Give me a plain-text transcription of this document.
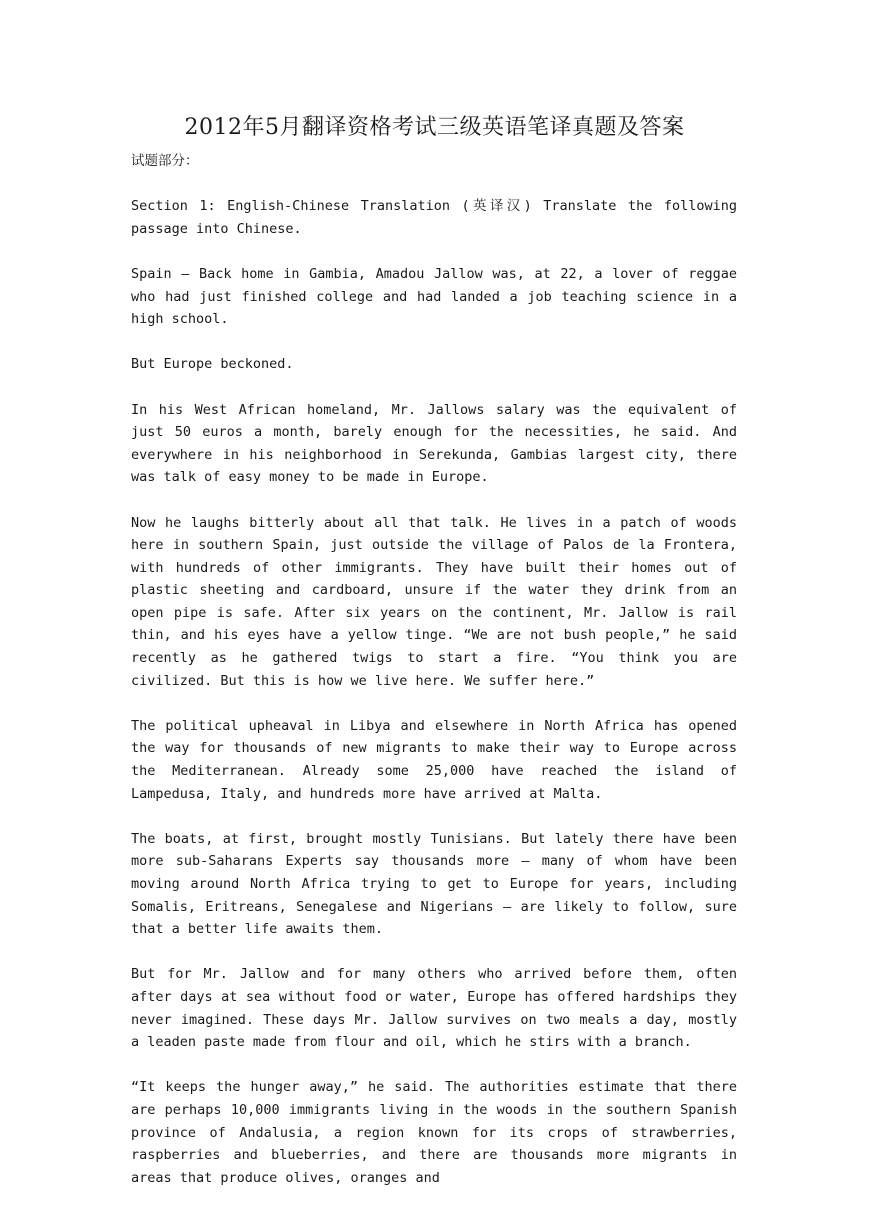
2012年5月翻译资格考试三级英语笔译真题及答案

试题部分：

Section 1: English-Chinese Translation (英译汉) Translate the following passage into Chinese.

Spain — Back home in Gambia, Amadou Jallow was, at 22, a lover of reggae who had just finished college and had landed a job teaching science in a high school.

But Europe beckoned.

In his West African homeland, Mr. Jallows salary was the equivalent of just 50 euros a month, barely enough for the necessities, he said. And everywhere in his neighborhood in Serekunda, Gambias largest city, there was talk of easy money to be made in Europe.

Now he laughs bitterly about all that talk. He lives in a patch of woods here in southern Spain, just outside the village of Palos de la Frontera, with hundreds of other immigrants. They have built their homes out of plastic sheeting and cardboard, unsure if the water they drink from an open pipe is safe. After six years on the continent, Mr. Jallow is rail thin, and his eyes have a yellow tinge. “We are not bush people,” he said recently as he gathered twigs to start a fire. “You think you are civilized. But this is how we live here. We suffer here.”

The political upheaval in Libya and elsewhere in North Africa has opened the way for thousands of new migrants to make their way to Europe across the Mediterranean. Already some 25,000 have reached the island of Lampedusa, Italy, and hundreds more have arrived at Malta.

The boats, at first, brought mostly Tunisians. But lately there have been more sub-Saharans Experts say thousands more — many of whom have been moving around North Africa trying to get to Europe for years, including Somalis, Eritreans, Senegalese and Nigerians — are likely to follow, sure that a better life awaits them.

But for Mr. Jallow and for many others who arrived before them, often after days at sea without food or water, Europe has offered hardships they never imagined. These days Mr. Jallow survives on two meals a day, mostly a leaden paste made from flour and oil, which he stirs with a branch.

“It keeps the hunger away,” he said. The authorities estimate that there are perhaps 10,000 immigrants living in the woods in the southern Spanish province of Andalusia, a region known for its crops of strawberries, raspberries and blueberries, and there are thousands more migrants in areas that produce olives, oranges and
